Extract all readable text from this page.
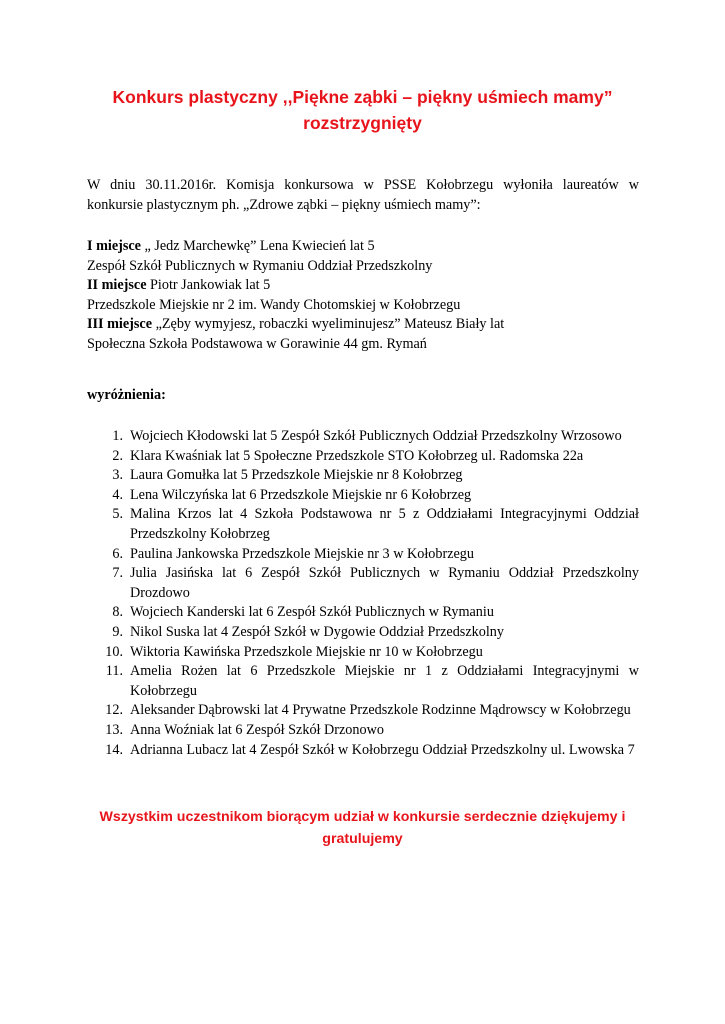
Konkurs plastyczny ,,Piękne ząbki – piękny uśmiech mamy”
rozstrzygnięty
W dniu 30.11.2016r. Komisja konkursowa w PSSE Kołobrzegu wyłoniła laureatów w
konkursie plastycznym ph. „Zdrowe ząbki – piękny uśmiech mamy”:
I miejsce „ Jedz Marchewkę” Lena Kwiecień lat 5
Zespół Szkół Publicznych w Rymaniu Oddział Przedszkolny
II miejsce Piotr Jankowiak lat 5
Przedszkole Miejskie nr 2 im. Wandy Chotomskiej w Kołobrzegu
III miejsce „Zęby wymyjesz, robaczki wyeliminujesz” Mateusz Biały lat
Społeczna Szkoła Podstawowa w Gorawinie 44 gm. Rymań
wyróżnienia:
1. Wojciech Kłodowski lat 5 Zespół Szkół Publicznych Oddział Przedszkolny Wrzosowo
2. Klara Kwaśniak lat 5 Społeczne Przedszkole STO Kołobrzeg ul. Radomska 22a
3. Laura Gomułka lat 5 Przedszkole Miejskie nr 8 Kołobrzeg
4. Lena Wilczyńska lat 6 Przedszkole Miejskie nr 6 Kołobrzeg
5. Malina Krzos lat 4 Szkoła Podstawowa nr 5 z Oddziałami Integracyjnymi Oddział Przedszkolny Kołobrzeg
6. Paulina Jankowska Przedszkole Miejskie nr 3 w Kołobrzegu
7. Julia Jasińska lat 6 Zespół Szkół Publicznych w Rymaniu Oddział Przedszkolny Drozdowo
8. Wojciech Kanderski lat 6 Zespół Szkół Publicznych w Rymaniu
9. Nikol Suska lat 4 Zespół Szkół w Dygowie Oddział Przedszkolny
10. Wiktoria Kawińska Przedszkole Miejskie nr 10 w Kołobrzegu
11. Amelia Rożen lat 6 Przedszkole Miejskie nr 1 z Oddziałami Integracyjnymi w Kołobrzegu
12. Aleksander Dąbrowski lat 4 Prywatne Przedszkole Rodzinne Mądrowscy w Kołobrzegu
13. Anna Woźniak lat 6 Zespół Szkół Drzonowo
14. Adrianna Lubacz lat 4 Zespół Szkół w Kołobrzegu Oddział Przedszkolny ul. Lwowska 7
Wszystkim uczestnikom biorącym udział w konkursie serdecznie dziękujemy i
gratulujemy
